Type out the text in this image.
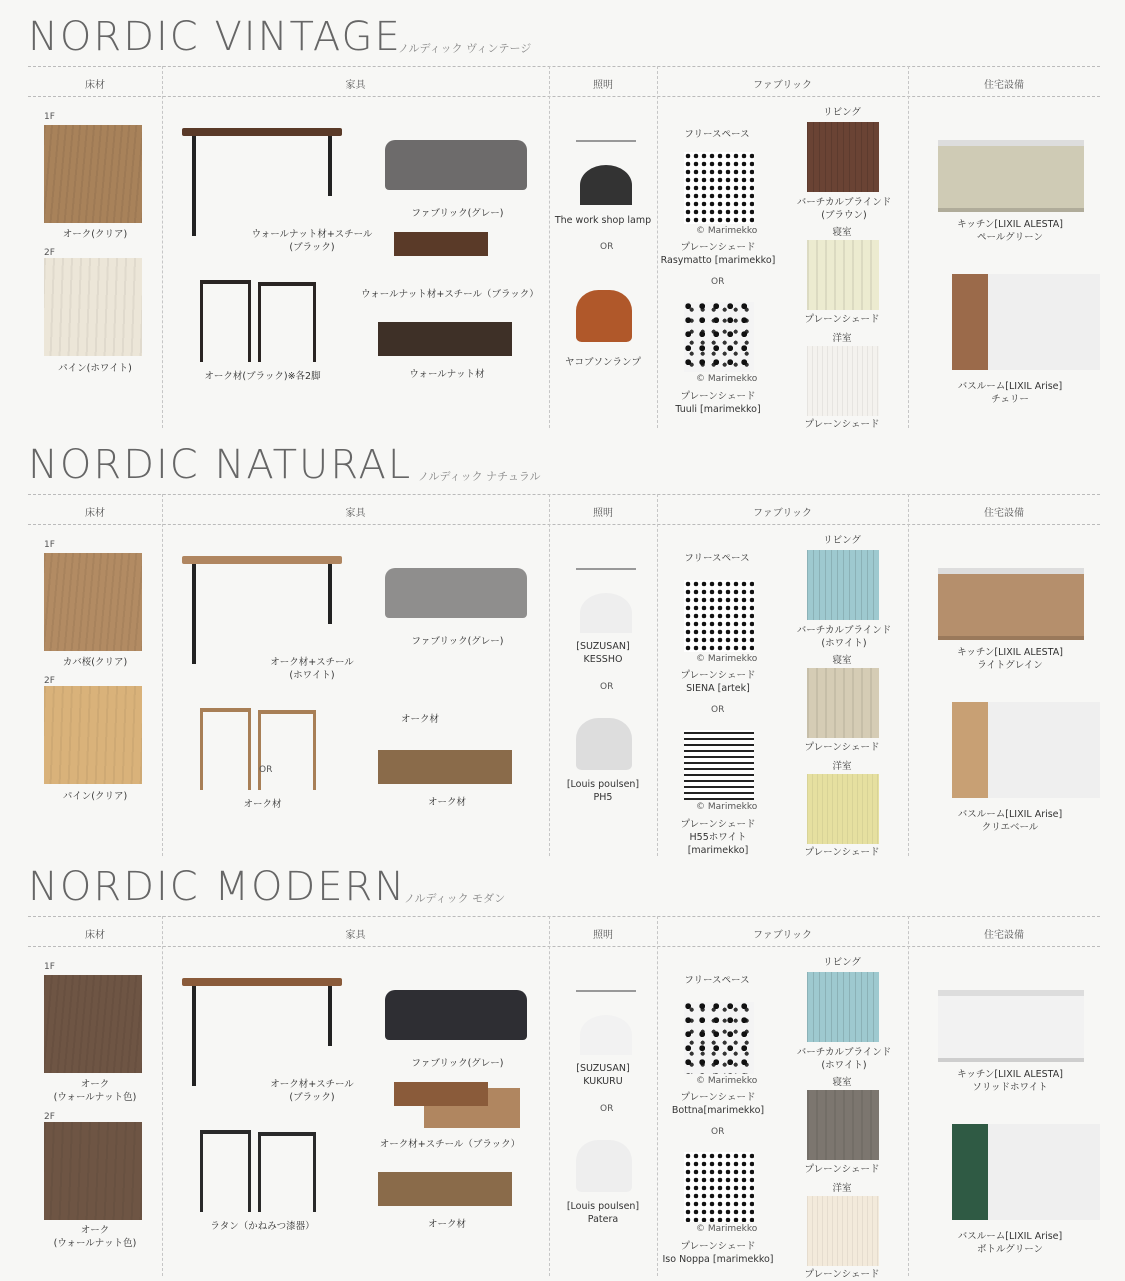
NORDIC VINTAGE
ノルディック ヴィンテージ
床材	家具	照明	ファブリック	住宅設備
1F
オーク(クリア)
2F
パイン(ホワイト)
ウォールナット材+スチール
(ブラック)
ファブリック(グレー)
ウォールナット材+スチール（ブラック）
オーク材(ブラック)※各2脚	ウォールナット材
The work shop lamp
OR
ヤコブソンランプ
フリースペース
© Marimekko
プレーンシェード
Rasymatto [marimekko]
OR
© Marimekko
プレーンシェード
Tuuli [marimekko]
リビング
バーチカルブラインド
(ブラウン)
寝室
プレーンシェード
洋室
プレーンシェード
キッチン[LIXIL ALESTA]
ペールグリーン
バスルーム[LIXIL Arise]
チェリー
NORDIC NATURAL ノルディック ナチュラル
床材	家具	照明	ファブリック	住宅設備
1F
カバ桜(クリア)
2F
パイン(クリア)
オーク材+スチール
(ホワイト)
ファブリック(グレー)
オーク材
オーク材
OR
オーク材
[SUZUSAN]
KESSHO
OR
[Louis poulsen]
PH5
フリースペース
© Marimekko
プレーンシェード
SIENA [artek]
OR
© Marimekko
プレーンシェード
H55ホワイト[marimekko]
リビング
バーチカルブラインド
(ホワイト)
寝室
プレーンシェード
洋室
プレーンシェード
キッチン[LIXIL ALESTA]
ライトグレイン
バスルーム[LIXIL Arise]
クリエベール
NORDIC MODERN
ノルディック モダン
床材	家具	照明	ファブリック	住宅設備
1F
オーク
(ウォールナット色)
2F
オーク
(ウォールナット色)
オーク材+スチール
(ブラック)
ファブリック(グレー)
オーク材+スチール（ブラック）
ラタン（かねみつ漆器）	オーク材
[SUZUSAN]
KUKURU
OR
[Louis poulsen]
Patera
フリースペース
© Marimekko
プレーンシェード
Bottna[marimekko]
OR
© Marimekko
プレーンシェード
Iso Noppa [marimekko]
リビング
バーチカルブラインド
(ホワイト)
寝室
プレーンシェード
洋室
プレーンシェード
キッチン[LIXIL ALESTA]
ソリッドホワイト
バスルーム[LIXIL Arise]
ボトルグリーン
